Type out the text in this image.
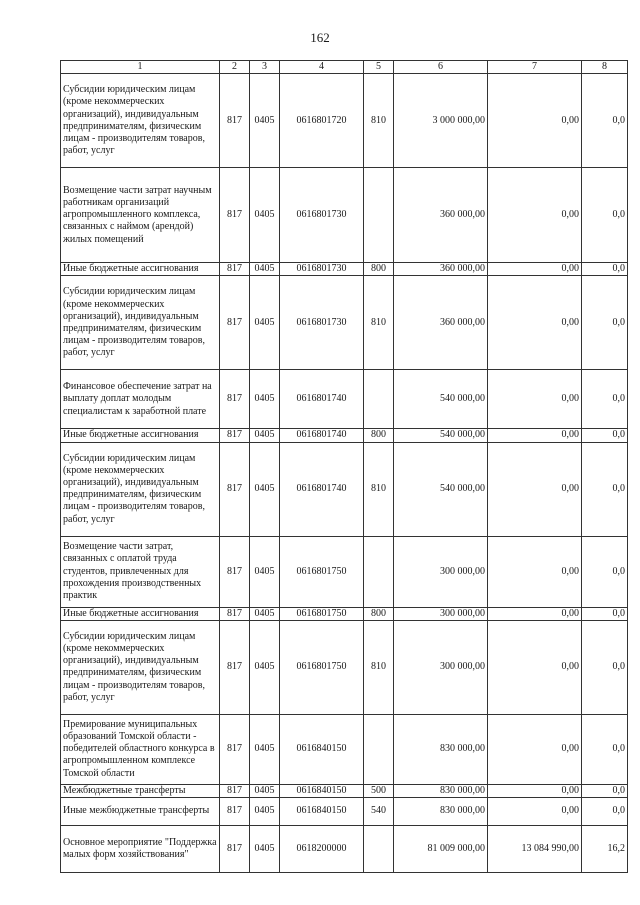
162
1	2	3	4	5	6	7	8
Субсидии юридическим лицам (кроме некоммерческих организаций), индивидуальным предпринимателям, физическим лицам - производителям товаров, работ, услуг	817	0405	0616801720	810	3 000 000,00	0,00	0,0
Возмещение части затрат научным работникам организаций агропромышленного комплекса, связанных с наймом (арендой) жилых помещений	817	0405	0616801730		360 000,00	0,00	0,0
Иные бюджетные ассигнования	817	0405	0616801730	800	360 000,00	0,00	0,0
Субсидии юридическим лицам (кроме некоммерческих организаций), индивидуальным предпринимателям, физическим лицам - производителям товаров, работ, услуг	817	0405	0616801730	810	360 000,00	0,00	0,0
Финансовое обеспечение затрат на выплату доплат молодым специалистам к заработной плате	817	0405	0616801740		540 000,00	0,00	0,0
Иные бюджетные ассигнования	817	0405	0616801740	800	540 000,00	0,00	0,0
Субсидии юридическим лицам (кроме некоммерческих организаций), индивидуальным предпринимателям, физическим лицам - производителям товаров, работ, услуг	817	0405	0616801740	810	540 000,00	0,00	0,0
Возмещение части затрат, связанных с оплатой труда студентов, привлеченных для прохождения производственных практик	817	0405	0616801750		300 000,00	0,00	0,0
Иные бюджетные ассигнования	817	0405	0616801750	800	300 000,00	0,00	0,0
Субсидии юридическим лицам (кроме некоммерческих организаций), индивидуальным предпринимателям, физическим лицам - производителям товаров, работ, услуг	817	0405	0616801750	810	300 000,00	0,00	0,0
Премирование муниципальных образований Томской области - победителей областного конкурса в агропромышленном комплексе Томской области	817	0405	0616840150		830 000,00	0,00	0,0
Межбюджетные трансферты	817	0405	0616840150	500	830 000,00	0,00	0,0
Иные межбюджетные трансферты	817	0405	0616840150	540	830 000,00	0,00	0,0
Основное мероприятие "Поддержка малых форм хозяйствования"	817	0405	0618200000		81 009 000,00	13 084 990,00	16,2
